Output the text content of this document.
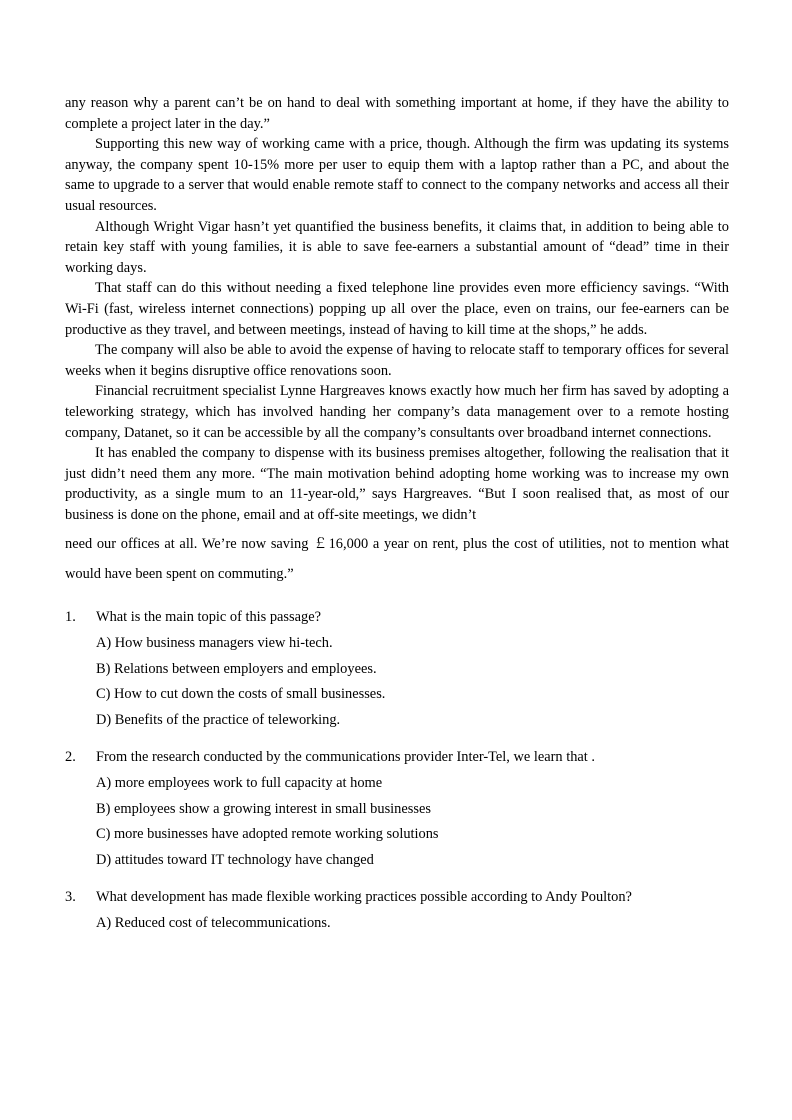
any reason why a parent can’t be on hand to deal with something important at home, if they have the ability to complete a project later in the day.”

Supporting this new way of working came with a price, though. Although the firm was updating its systems anyway, the company spent 10-15% more per user to equip them with a laptop rather than a PC, and about the same to upgrade to a server that would enable remote staff to connect to the company networks and access all their usual resources.

Although Wright Vigar hasn’t yet quantified the business benefits, it claims that, in addition to being able to retain key staff with young families, it is able to save fee-earners a substantial amount of “dead” time in their working days.

That staff can do this without needing a fixed telephone line provides even more efficiency savings. “With Wi-Fi (fast, wireless internet connections) popping up all over the place, even on trains, our fee-earners can be productive as they travel, and between meetings, instead of having to kill time at the shops,” he adds.

The company will also be able to avoid the expense of having to relocate staff to temporary offices for several weeks when it begins disruptive office renovations soon.

Financial recruitment specialist Lynne Hargreaves knows exactly how much her firm has saved by adopting a teleworking strategy, which has involved handing her company’s data management over to a remote hosting company, Datanet, so it can be accessible by all the company’s consultants over broadband internet connections.

It has enabled the company to dispense with its business premises altogether, following the realisation that it just didn’t need them any more. “The main motivation behind adopting home working was to increase my own productivity, as a single mum to an 11-year-old,” says Hargreaves. “But I soon realised that, as most of our business is done on the phone, email and at off-site meetings, we didn’t

need our offices at all. We’re now saving ￡16,000 a year on rent, plus the cost of utilities, not to mention what would have been spent on commuting.”

1.	What is the main topic of this passage?
A) How business managers view hi-tech.
B) Relations between employers and employees.
C) How to cut down the costs of small businesses.
D) Benefits of the practice of teleworking.
2.	From the research conducted by the communications provider Inter-Tel, we learn that .
A) more employees work to full capacity at home
B) employees show a growing interest in small businesses
C) more businesses have adopted remote working solutions
D) attitudes toward IT technology have changed
3.	What development has made flexible working practices possible according to Andy Poulton?
A) Reduced cost of telecommunications.
